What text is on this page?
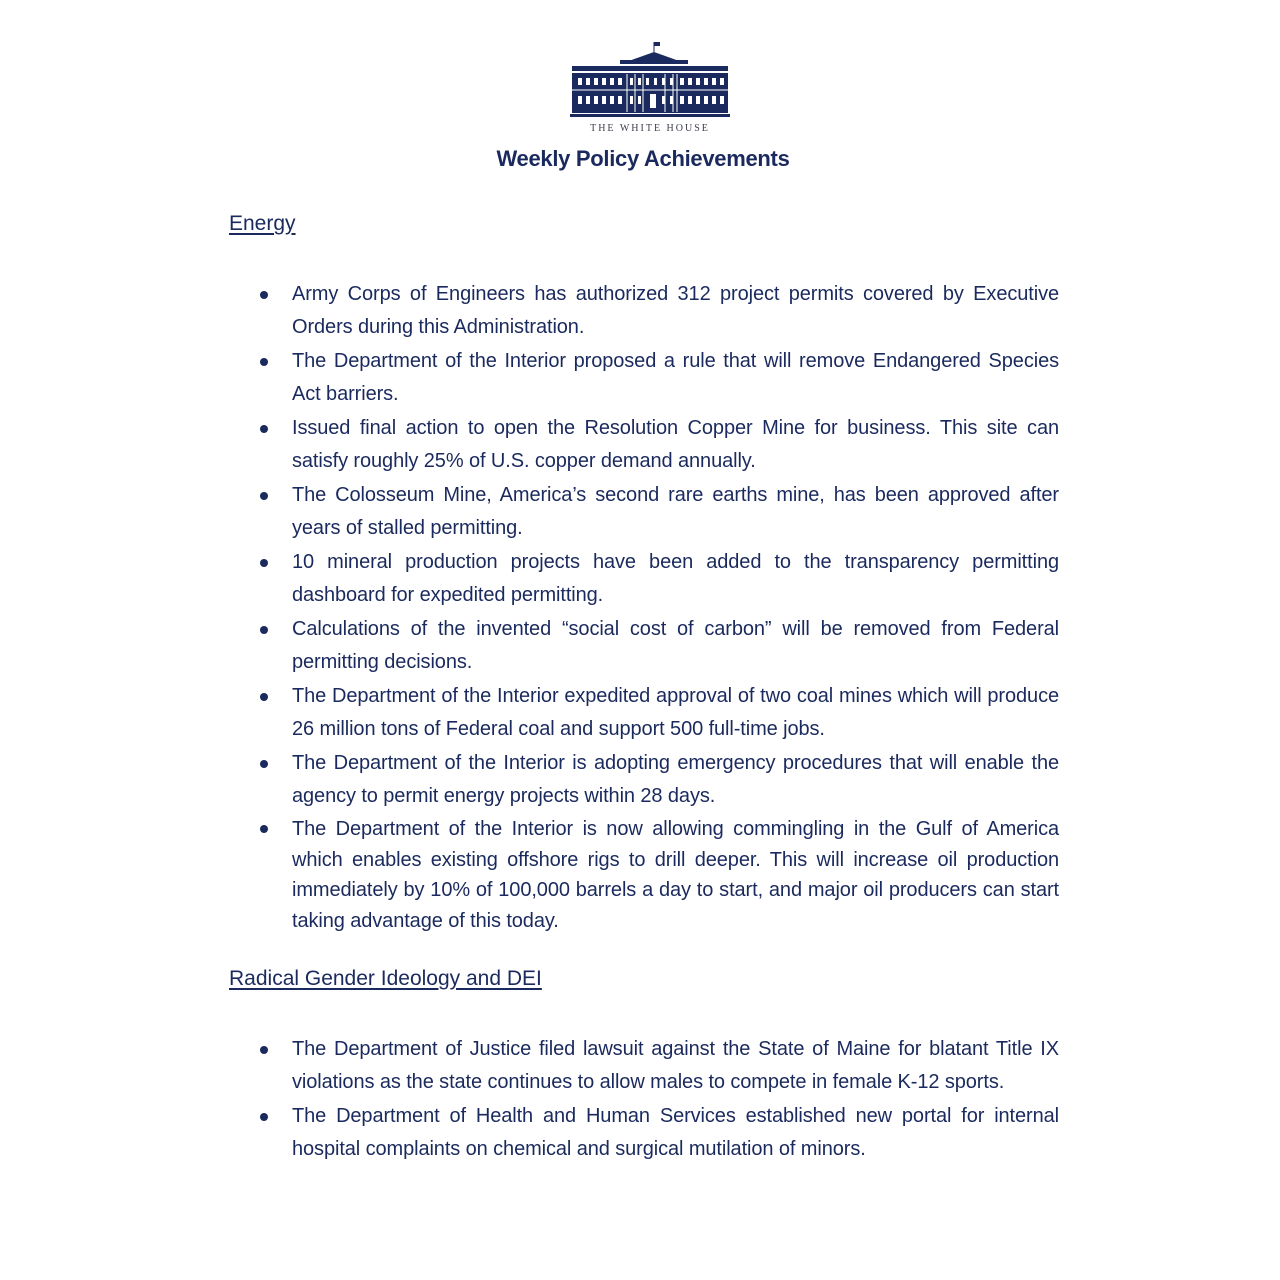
THE WHITE HOUSE
Weekly Policy Achievements
Energy
Army Corps of Engineers has authorized 312 project permits covered by Executive Orders during this Administration.
The Department of the Interior proposed a rule that will remove Endangered Species Act barriers.
Issued final action to open the Resolution Copper Mine for business. This site can satisfy roughly 25% of U.S. copper demand annually.
The Colosseum Mine, America’s second rare earths mine, has been approved after years of stalled permitting.
10 mineral production projects have been added to the transparency permitting dashboard for expedited permitting.
Calculations of the invented “social cost of carbon” will be removed from Federal permitting decisions.
The Department of the Interior expedited approval of two coal mines which will produce 26 million tons of Federal coal and support 500 full-time jobs.
The Department of the Interior is adopting emergency procedures that will enable the agency to permit energy projects within 28 days.
The Department of the Interior is now allowing commingling in the Gulf of America which enables existing offshore rigs to drill deeper. This will increase oil production immediately by 10% of 100,000 barrels a day to start, and major oil producers can start taking advantage of this today.
Radical Gender Ideology and DEI
The Department of Justice filed lawsuit against the State of Maine for blatant Title IX violations as the state continues to allow males to compete in female K-12 sports.
The Department of Health and Human Services established new portal for internal hospital complaints on chemical and surgical mutilation of minors.
